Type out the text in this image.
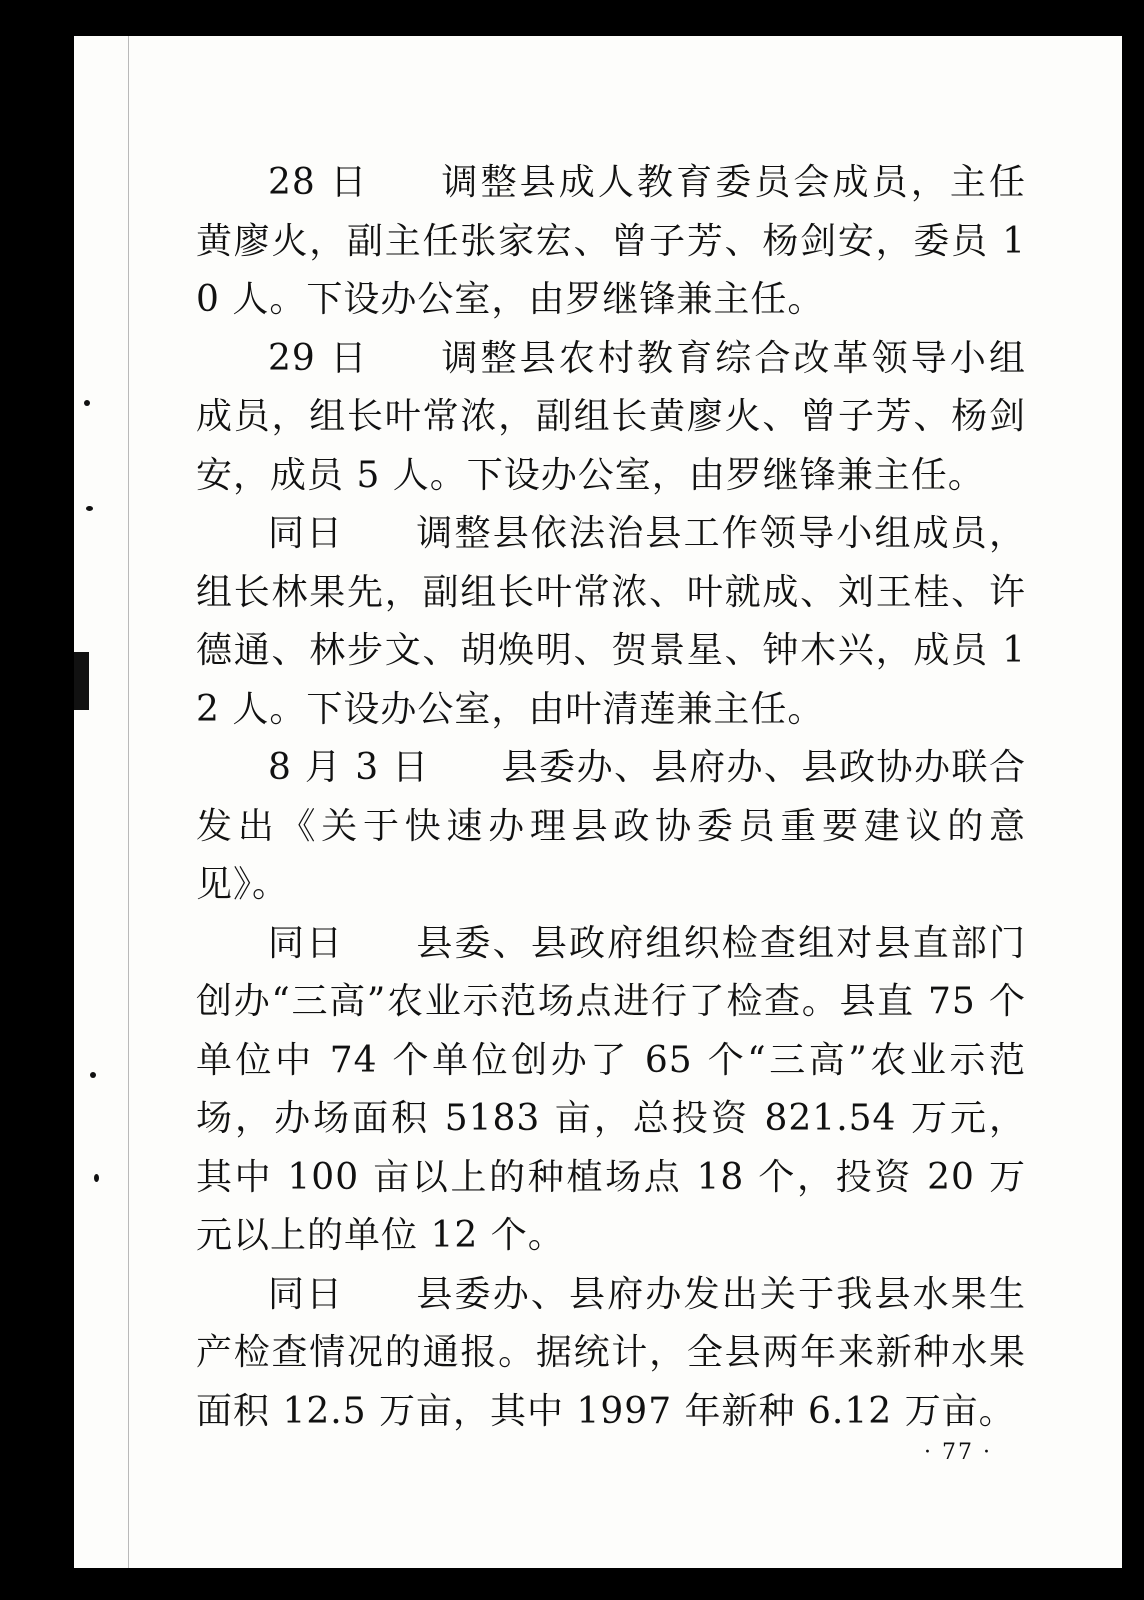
28 日 调整县成人教育委员会成员，主任黄廖火，副主任张家宏、曾子芳、杨剑安，委员 10 人。下设办公室，由罗继锋兼主任。

29 日 调整县农村教育综合改革领导小组成员，组长叶常浓，副组长黄廖火、曾子芳、杨剑安，成员 5 人。下设办公室，由罗继锋兼主任。

同日 调整县依法治县工作领导小组成员，组长林果先，副组长叶常浓、叶就成、刘王桂、许德通、林步文、胡焕明、贺景星、钟木兴，成员 12 人。下设办公室，由叶清莲兼主任。

8 月 3 日 县委办、县府办、县政协办联合发出《关于快速办理县政协委员重要建议的意见》。

同日 县委、县政府组织检查组对县直部门创办“三高”农业示范场点进行了检查。县直 75 个单位中 74 个单位创办了 65 个“三高”农业示范场，办场面积 5183 亩，总投资 821.54 万元，其中 100 亩以上的种植场点 18 个，投资 20 万元以上的单位 12 个。

同日 县委办、县府办发出关于我县水果生产检查情况的通报。据统计，全县两年来新种水果面积 12.5 万亩，其中 1997 年新种 6.12 万亩。

· 77 ·
